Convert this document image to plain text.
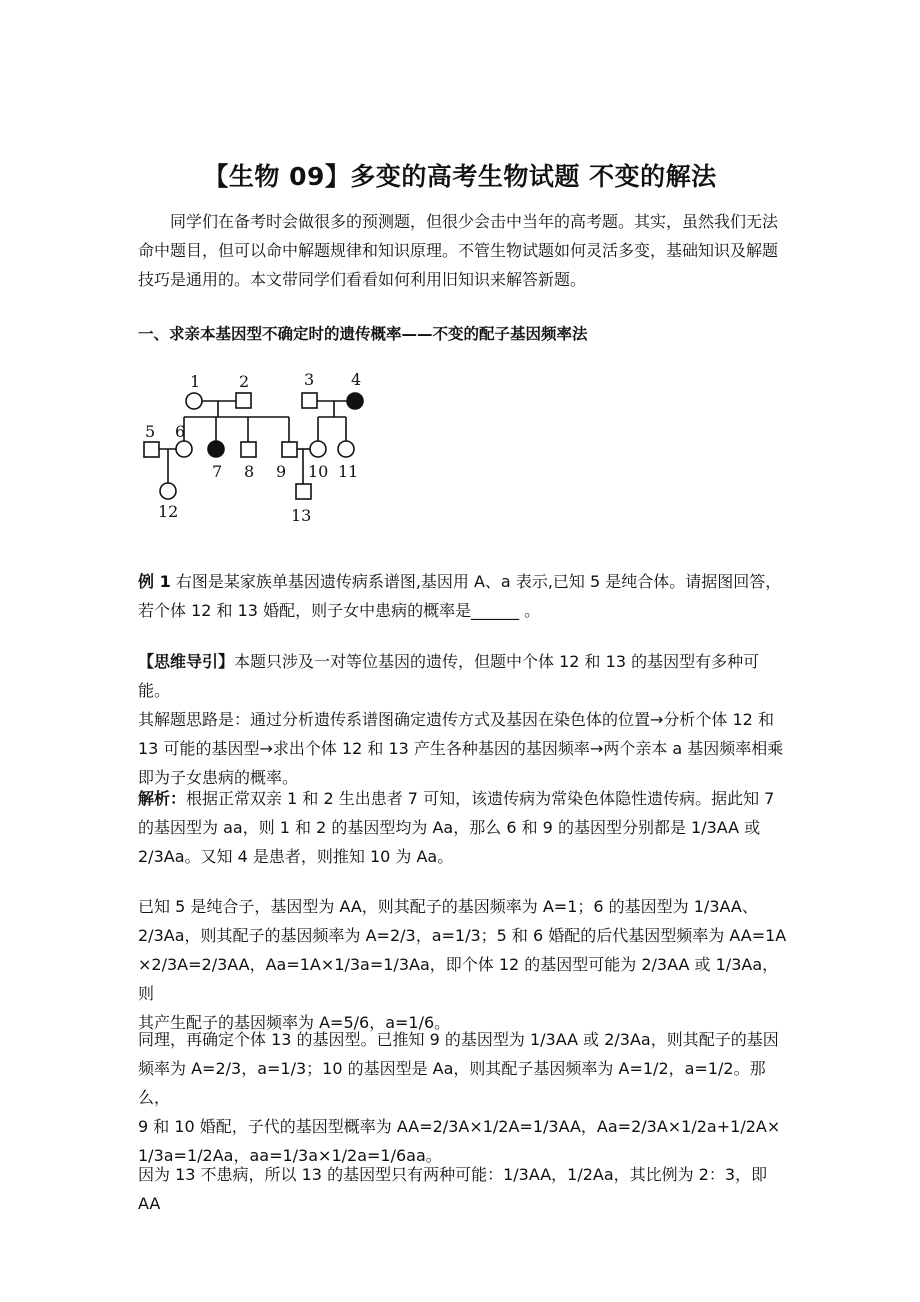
【生物 09】多变的高考生物试题 不变的解法

同学们在备考时会做很多的预测题，但很少会击中当年的高考题。其实，虽然我们无法
命中题目，但可以命中解题规律和知识原理。不管生物试题如何灵活多变，基础知识及解题
技巧是通用的。本文带同学们看看如何利用旧知识来解答新题。

一、求亲本基因型不确定时的遗传概率——不变的配子基因频率法

1 2	3 4
5 6
7 8 9 10 11
12	13

例 1 右图是某家族单基因遗传病系谱图,基因用 A、a 表示,已知 5 是纯合体。请据图回答，
若个体 12 和 13 婚配，则子女中患病的概率是______ 。

【思维导引】本题只涉及一对等位基因的遗传，但题中个体 12 和 13 的基因型有多种可能。
其解题思路是：通过分析遗传系谱图确定遗传方式及基因在染色体的位置→分析个体 12 和
13 可能的基因型→求出个体 12 和 13 产生各种基因的基因频率→两个亲本 a 基因频率相乘
即为子女患病的概率。

解析：根据正常双亲 1 和 2 生出患者 7 可知，该遗传病为常染色体隐性遗传病。据此知 7
的基因型为 aa，则 1 和 2 的基因型均为 Aa，那么 6 和 9 的基因型分别都是 1/3AA 或
2/3Aa。又知 4 是患者，则推知 10 为 Aa。

已知 5 是纯合子，基因型为 AA，则其配子的基因频率为 A=1；6 的基因型为 1/3AA、
2/3Aa，则其配子的基因频率为 A=2/3，a=1/3；5 和 6 婚配的后代基因型频率为 AA=1A
×2/3A=2/3AA，Aa=1A×1/3a=1/3Aa，即个体 12 的基因型可能为 2/3AA 或 1/3Aa，则
其产生配子的基因频率为 A=5/6，a=1/6。

同理，再确定个体 13 的基因型。已推知 9 的基因型为 1/3AA 或 2/3Aa，则其配子的基因
频率为 A=2/3，a=1/3；10 的基因型是 Aa，则其配子基因频率为 A=1/2，a=1/2。那么，
9 和 10 婚配，子代的基因型概率为 AA=2/3A×1/2A=1/3AA，Aa=2/3A×1/2a+1/2A×
1/3a=1/2Aa，aa=1/3a×1/2a=1/6aa。

因为 13 不患病，所以 13 的基因型只有两种可能：1/3AA，1/2Aa，其比例为 2：3，即 AA
